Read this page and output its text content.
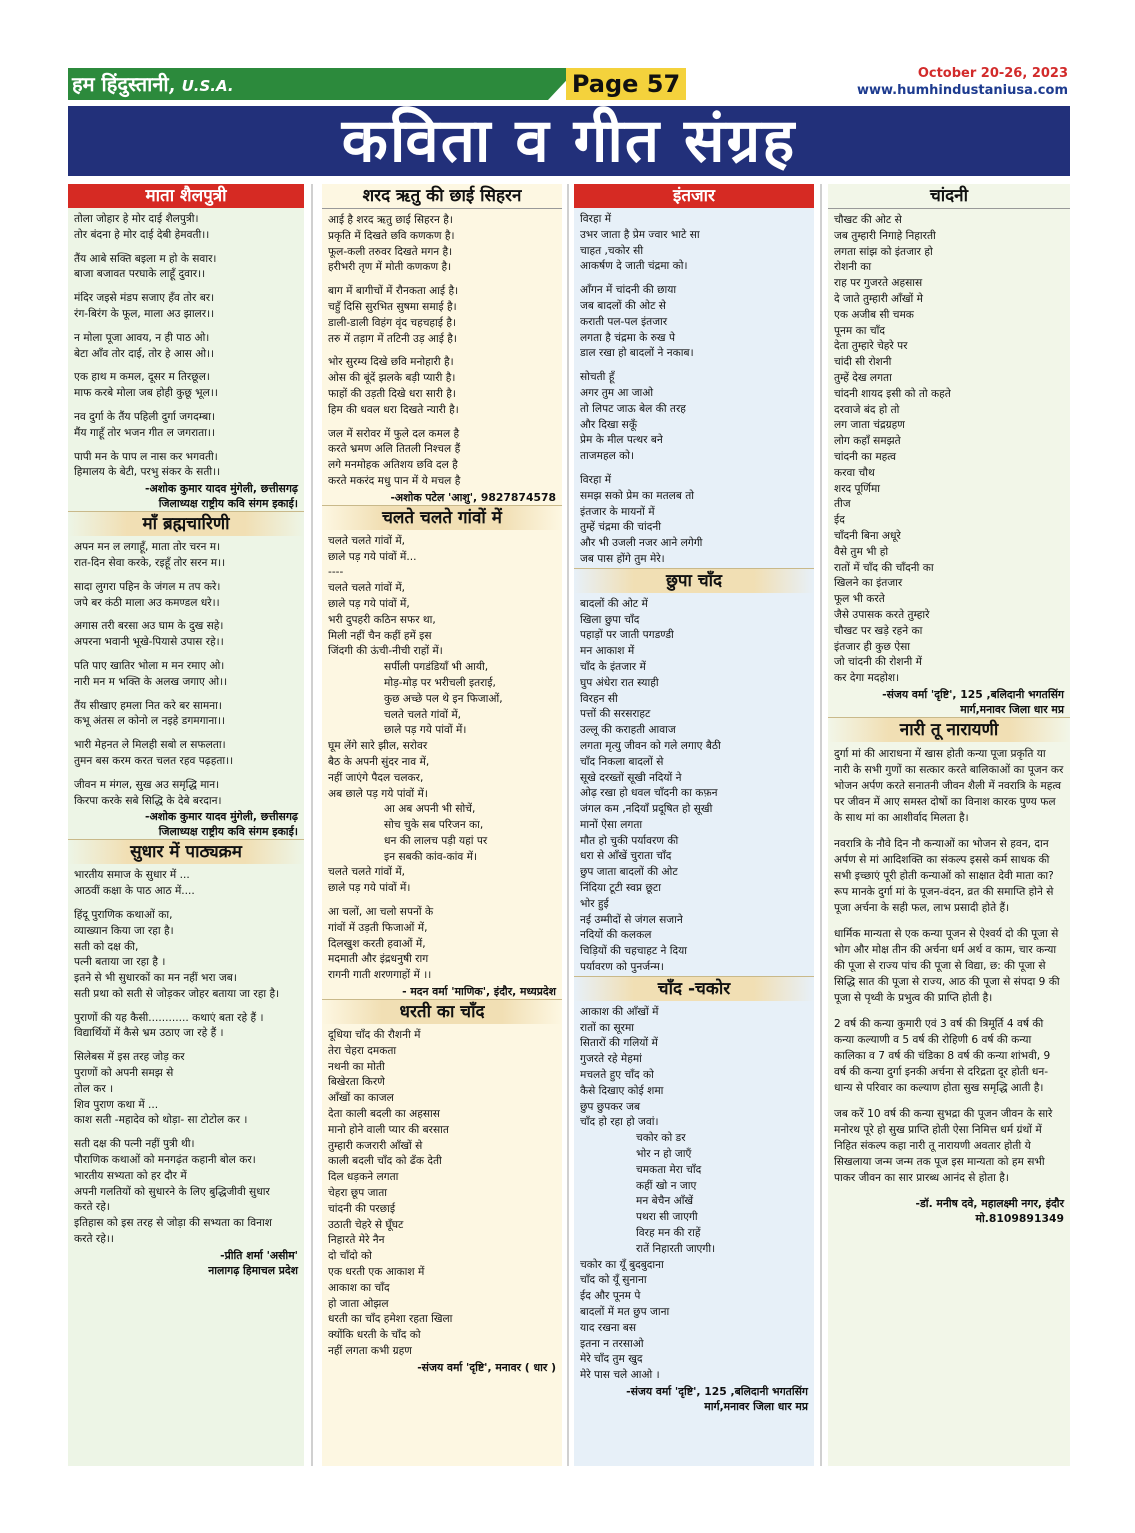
हम हिंदुस्तानी, U.S.A.	Page 57	October 20-26, 2023
www.humhindustaniusa.com
कविता व गीत संग्रह
माता शैलपुत्री
तोला जोहार हे मोर दाई शैलपुत्री।
तोर बंदना हे मोर दाई देबी हेमवती।।
तैंय आबे सक्ति बइला म हो के सवार।
बाजा बजावत परघाके लाहूँ दुवार।।
मंदिर जइसे मंडप सजाए हँव तोर बर।
रंग-बिरंग के फूल, माला अउ झालर।।
न मोला पूजा आवय, न ही पाठ ओ।
बेटा आँव तोर दाई, तोर हे आस ओ।।
एक हाथ म कमल, दूसर म तिरछूल।
माफ करबे मोला जब होही कुछू भूल।।
नव दुर्गा के तैंय पहिली दुर्गा जगदम्बा।
मैंय गाहूँ तोर भजन गीत ल जगराता।।
पापी मन के पाप ल नास कर भगवती।
हिमालय के बेटी, परभु संकर के सती।।
-अशोक कुमार यादव मुंगेली, छत्तीसगढ़
जिलाध्यक्ष राष्ट्रीय कवि संगम इकाई।
माँ ब्रह्मचारिणी
अपन मन ल लगाहूँ, माता तोर चरन म।
रात-दिन सेवा करके, रइहूँ तोर सरन म।।
सादा लुगरा पहिन के जंगल म तप करे।
जपे बर कंठी माला अउ कमण्डल धरे।।
अगास तरी बरसा अउ घाम के दुख सहे।
अपरना भवानी भूखे-पियासे उपास रहे।।
पति पाए खातिर भोला म मन रमाए ओ।
नारी मन म भक्ति के अलख जगाए ओ।।
तैंय सीखाए हमला नित करे बर सामना।
कभू अंतस ल कोनो ल नइहे डगमगाना।।
भारी मेहनत ले मिलही सबो ल सफलता।
तुमन बस करम करत चलत रहव पढ़हता।।
जीवन म मंगल, सुख अउ समृद्धि मान।
किरपा करके सबे सिद्धि के देबे बरदान।
-अशोक कुमार यादव मुंगेली, छत्तीसगढ़
जिलाध्यक्ष राष्ट्रीय कवि संगम इकाई।
सुधार में पाठ्यक्रम
भारतीय समाज के सुधार में ...
आठवीं कक्षा के पाठ आठ में....
हिंदू पुराणिक कथाओं का,
व्याख्यान किया जा रहा है।
सती को दक्ष की,
पत्नी बताया जा रहा है ।
इतने से भी सुधारकों का मन नहीं भरा जब।
सती प्रथा को सती से जोड़कर जोहर बताया जा रहा है।
पुराणों की यह कैसी............ कथाएं बता रहे हैं ।
विद्यार्थियों में कैसे भ्रम उठाए जा रहे हैं ।
सिलेबस में इस तरह जोड़ कर
पुराणों को अपनी समझ से
तोल कर ।
शिव पुराण कथा में ...
काश सती -महादेव को थोड़ा- सा टोटोल कर ।
सती दक्ष की पत्नी नहीं पुत्री थी।
पौराणिक कथाओं को मनगढ़ंत कहानी बोल कर।
भारतीय सभ्यता को हर दौर में
अपनी गलतियों को सुधारने के लिए बुद्धिजीवी सुधार
करते रहे।
इतिहास को इस तरह से जोड़ा की सभ्यता का विनाश
करते रहे।।
-प्रीति शर्मा 'असीम'
नालागढ़ हिमाचल प्रदेश
शरद ऋतु की छाई सिहरन
आई है शरद ऋतु छाई सिहरन है।
प्रकृति में दिखते छवि कणकण है।
फूल-कली तरुवर दिखते मगन है।
हरीभरी तृण में मोती कणकण है।
बाग में बागीचों में रौनकता आई है।
चहुँ दिसि सुरभित सुषमा समाई है।
डाली-डाली विहंग वृंद चहचहाई है।
तरु में तड़ाग में तटिनी उड़ आई है।
भोर सुरम्य दिखे छवि मनोहारी है।
ओस की बूंदें झलके बड़ी प्यारी है।
फाहों की उड़ती दिखे धरा सारी है।
हिम की धवल धरा दिखते न्यारी है।
जल में सरोवर में फुले दल कमल है
करते भ्रमण अलि तितली निश्चल हैं
लगे मनमोहक अतिशय छवि दल है
करते मकरंद मधु पान में ये मचल है
-अशोक पटेल 'आशु', 9827874578
चलते चलते गांवों में
चलते चलते गांवों में,
छाले पड़ गये पांवों में...
----
चलते चलते गांवों में,
छाले पड़ गये पांवों में,
भरी दुपहरी कठिन सफर था,
मिली नहीं चैन कहीं हमें इस
जिंदगी की ऊंची-नीची राहों में।
सर्पीली पगडंडियाँ भी आयी,
मोड़-मोड़ पर भरीचली इतराई,
कुछ अच्छे पल थे इन फिजाओं,
चलते चलते गांवों में,
छाले पड़ गये पांवों में।
घूम लेंगे सारे झील, सरोवर
बैठ के अपनी सुंदर नाव में,
नहीं जाएंगे पैदल चलकर,
अब छाले पड़ गये पांवों में।
आ अब अपनी भी सोचें,
सोच चुके सब परिजन का,
धन की लालच पड़ी यहां पर
इन सबकी कांव-कांव में।
चलते चलते गांवों में,
छाले पड़ गये पांवों में।
आ चलों, आ चलो सपनों के
गांवों में उड़ती फिजाओं में,
दिलखुश करती हवाओं में,
मदमाती और इंद्रधनुषी राग
रागनी गाती शरणगाहों में ।।
- मदन वर्मा 'माणिक', इंदौर, मध्यप्रदेश
धरती का चाँद
दूधिया चाँद की रौशनी में
तेरा चेहरा दमकता
नथनी का मोती
बिखेरता किरणे
आँखों का काजल
देता काली बदली का अहसास
मानो होने वाली प्यार की बरसात
तुम्हारी कजरारी आँखों से
काली बदली चाँद को ढँक देती
दिल धड़कने लगता
चेहरा छूप जाता
चांदनी की परछाई
उठाती चेहरे से घूँघट
निहारते मेरे नैन
दो चाँदो को
एक धरती एक आकाश में
आकाश का चाँद
हो जाता ओझल
धरती का चाँद हमेशा रहता खिला
क्योंकि धरती के चाँद को
नहीं लगता कभी ग्रहण
-संजय वर्मा 'दृष्टि', मनावर ( धार )
इंतजार
विरहा में
उभर जाता है प्रेम ज्वार भाटे सा
चाहत ,चकोर सी
आकर्षण दे जाती चंद्रमा को।
आँगन में चांदनी की छाया
जब बादलों की ओट से
कराती पल-पल इंतजार
लगता है चंद्रमा के रुख पे
डाल रखा हो बादलों ने नकाब।
सोचती हूँ
अगर तुम आ जाओ
तो लिपट जाऊ बेल की तरह
और दिखा सकूँ
प्रेम के मील पत्थर बने
ताजमहल को।
विरहा में
समझ सको प्रेम का मतलब तो
इंतजार के मायनों में
तुम्हें चंद्रमा की चांदनी
और भी उजली नजर आने लगेगी
जब पास होंगे तुम मेरे।
छुपा चाँद
बादलों की ओट में
खिला छुपा चाँद
पहाड़ों पर जाती पगडण्डी
मन आकाश में
चाँद के इंतजार में
घुप अंधेरा रात स्याही
विरहन सी
पत्तों की सरसराहट
उल्लू की कराहती आवाज
लगता मृत्यु जीवन को गले लगाए बैठी
चाँद निकला बादलों से
सूखे दरख्तों सूखी नदियों ने
ओढ़ रखा हो धवल चाँदनी का कफ़न
जंगल कम ,नदियाँ प्रदूषित हो सूखी
मानों ऐसा लगता
मौत हो चुकी पर्यावरण की
धरा से आँखें चुराता चाँद
छुप जाता बादलों की ओट
निंदिया टूटी स्वप्न छूटा
भोर हुई
नई उम्मीदों से जंगल सजाने
नदियों की कलकल
चिड़ियों की चहचाहट ने दिया
पर्यावरण को पुनर्जन्म।
चाँद -चकोर
आकाश की आँखों में
रातों का सूरमा
सितारों की गलियों में
गुजरते रहे मेहमां
मचलते हुए चाँद को
कैसे दिखाए कोई शमा
छुप छुपकर जब
चाँद हो रहा हो जवां।
चकोर को डर
भोर न हो जाएँ
चमकता मेरा चाँद
कहीं खो न जाए
मन बेचैन आँखें
पथरा सी जाएगी
विरह मन की राहें
रातें निहारती जाएगी।
चकोर का यूँ बुदबुदाना
चाँद को यूँ सुनाना
ईद और पूनम पे
बादलों में मत छुप जाना
याद रखना बस
इतना न तरसाओ
मेरे चाँद तुम खुद
मेरे पास चले आओ ।
-संजय वर्मा 'दृष्टि', 125 ,बलिदानी भगतसिंग
मार्ग,मनावर जिला धार मप्र
चांदनी
चौखट की ओट से
जब तुम्हारी निगाहे निहारती
लगता सांझ को इंतजार हो
रोशनी का
राह पर गुजरते अहसास
दे जाते तुम्हारी आँखों मे
एक अजीब सी चमक
पूनम का चाँद
देता तुम्हारे चेहरे पर
चांदी सी रोशनी
तुम्हें देख लगता
चांदनी शायद इसी को तो कहते
दरवाजे बंद हो तो
लग जाता चंद्रग्रहण
लोग कहाँ समझते
चांदनी का महत्व
करवा चौथ
शरद पूर्णिमा
तीज
ईद
चाँदनी बिना अधूरे
वैसे तुम भी हो
रातों में चाँद की चाँदनी का
खिलने का इंतजार
फूल भी करते
जैसे उपासक करते तुम्हारे
चौखट पर खड़े रहने का
इंतजार ही कुछ ऐसा
जो चांदनी की रोशनी में
कर देगा मदहोश।
-संजय वर्मा 'दृष्टि', 125 ,बलिदानी भगतसिंग
मार्ग,मनावर जिला धार मप्र
नारी तू नारायणी

दुर्गा मां की आराधना में खास होती कन्या पूजा प्रकृति या नारी के सभी गुणों का सत्कार करते बालिकाओं का पूजन कर भोजन अर्पण करते सनातनी जीवन शैली में नवरात्रि के महत्व पर जीवन में आए समस्त दोषों का विनाश कारक पुण्य फल के साथ मां का आशीर्वाद मिलता है।

नवरात्रि के नौवे दिन नौ कन्याओं का भोजन से हवन, दान अर्पण से मां आदिशक्ति का संकल्प इससे कर्म साधक की सभी इच्छाएं पूरी होती कन्याओं को साक्षात देवी माता का? रूप मानके दुर्गा मां के पूजन-वंदन, व्रत की समाप्ति होने से पूजा अर्चना के सही फल, लाभ प्रसादी होते हैं।

धार्मिक मान्यता से एक कन्या पूजन से ऐश्वर्य दो की पूजा से भोग और मोक्ष तीन की अर्चना धर्म अर्थ व काम, चार कन्या की पूजा से राज्य पांच की पूजा से विद्या, छ: की पूजा से सिद्धि सात की पूजा से राज्य, आठ की पूजा से संपदा 9 की पूजा से पृथ्वी के प्रभुत्व की प्राप्ति होती है।

2 वर्ष की कन्या कुमारी एवं 3 वर्ष की त्रिमूर्ति 4 वर्ष की कन्या कल्याणी व 5 वर्ष की रोहिणी 6 वर्ष की कन्या कालिका व 7 वर्ष की चंडिका 8 वर्ष की कन्या शांभवी, 9 वर्ष की कन्या दुर्गा इनकी अर्चना से दरिद्रता दूर होती धन-धान्य से परिवार का कल्याण होता सुख समृद्धि आती है।

जब करें 10 वर्ष की कन्या सुभद्रा की पूजन जीवन के सारे मनोरथ पूरे हो सुख प्राप्ति होती ऐसा निमित्त धर्म ग्रंथों में निहित संकल्प कहा नारी तू नारायणी अवतार होती ये सिखलाया जन्म जन्म तक पूज इस मान्यता को हम सभी पाकर जीवन का सार प्रारब्ध आनंद से होता है।

-डॉ. मनीष दवे, महालक्ष्मी नगर, इंदौर
मो.8109891349
